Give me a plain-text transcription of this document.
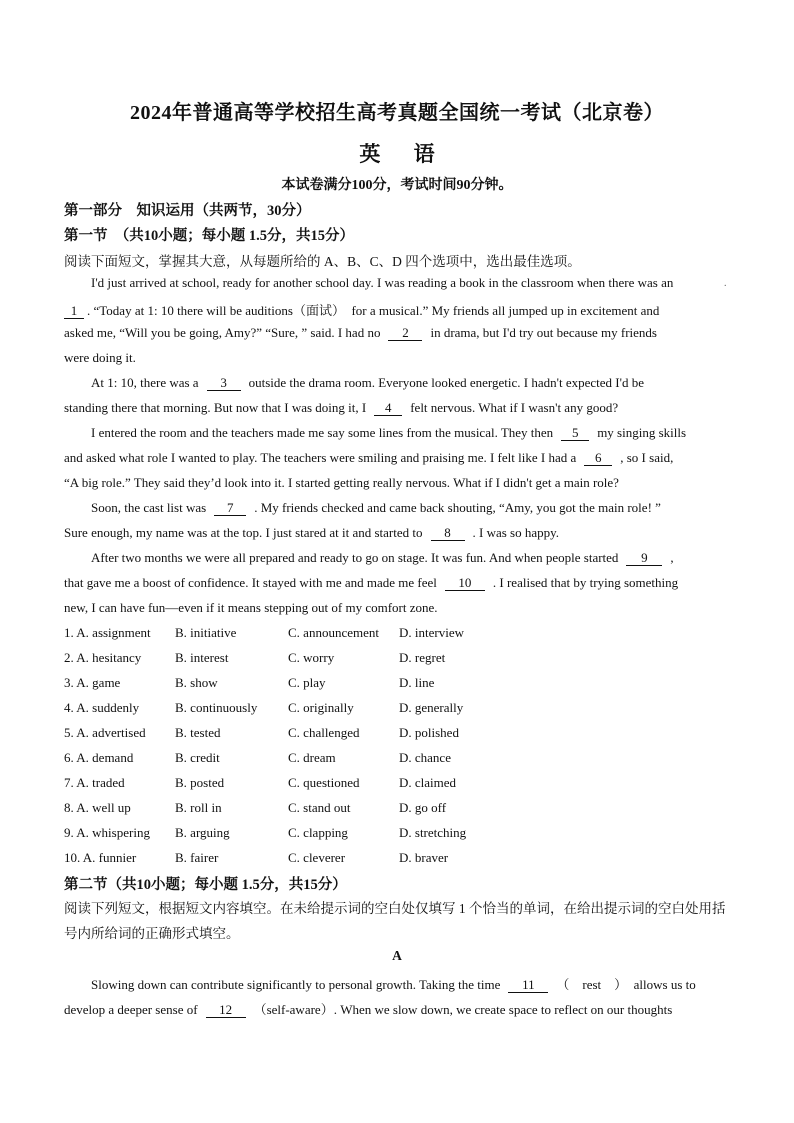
2024年普通高等学校招生高考真题全国统一考试（北京卷）
英 语
本试卷满分100分，考试时间90分钟。
第一部分　知识运用（共两节，30分）
第一节　（共10小题；每小题 1.5分，共15分）
阅读下面短文，掌握其大意，从每题所给的 A、B、C、D 四个选项中，选出最佳选项。
.
I'd just arrived at school, ready for another school day. I was reading a book in the classroom when there was an
1 . “Today at 1: 10 there will be auditions（面试）　for a musical.” My friends all jumped up in excitement and
asked me, “Will you be going, Amy?” “Sure, ” said. I had no 2 in drama, but I'd try out because my friends
were doing it.
At 1: 10, there was a 3 outside the drama room. Everyone looked energetic. I hadn't expected I'd be
standing there that morning. But now that I was doing it, I 4 felt nervous. What if I wasn't any good?
I entered the room and the teachers made me say some lines from the musical. They then 5 my singing skills
and asked what role I wanted to play. The teachers were smiling and praising me. I felt like I had a 6 , so I said,
“A big role.” They said they’d look into it. I started getting really nervous. What if I didn't get a main role?
Soon, the cast list was 7 . My friends checked and came back shouting, “Amy, you got the main role! ”
Sure enough, my name was at the top. I just stared at it and started to 8 . I was so happy.
After two months we were all prepared and ready to go on stage. It was fun. And when people started 9 ,
that gave me a boost of confidence. It stayed with me and made me feel 10 . I realised that by trying something
new, I can have fun—even if it means stepping out of my comfort zone.
1. A. assignment B. initiative	C. announcement D. interview
2. A. hesitancy	B. interest	C. worry	D. regret
3. A. game	B. show	C. play	D. line
4. A. suddenly	B. continuously C. originally	D. generally
5. A. advertised B. tested	C. challenged	D. polished
6. A. demand	B. credit	C. dream	D. chance
7. A. traded	B. posted	C. questioned	D. claimed
8. A. well up	B. roll in	C. stand out	D. go off
9. A. whispering B. arguing	C. clapping	D. stretching
10. A. funnier	B. fairer	C. cleverer	D. braver
第二节（共10小题；每小题 1.5分，共15分）
阅读下列短文，根据短文内容填空。在未给提示词的空白处仅填写 1 个恰当的单词，在给出提示词的空白处用括号内所给词的正确形式填空。
A
Slowing down can contribute significantly to personal growth. Taking the time 11 （　rest　）　allows us to
develop a deeper sense of 12 （self-aware）. When we slow down, we create space to reflect on our thoughts
